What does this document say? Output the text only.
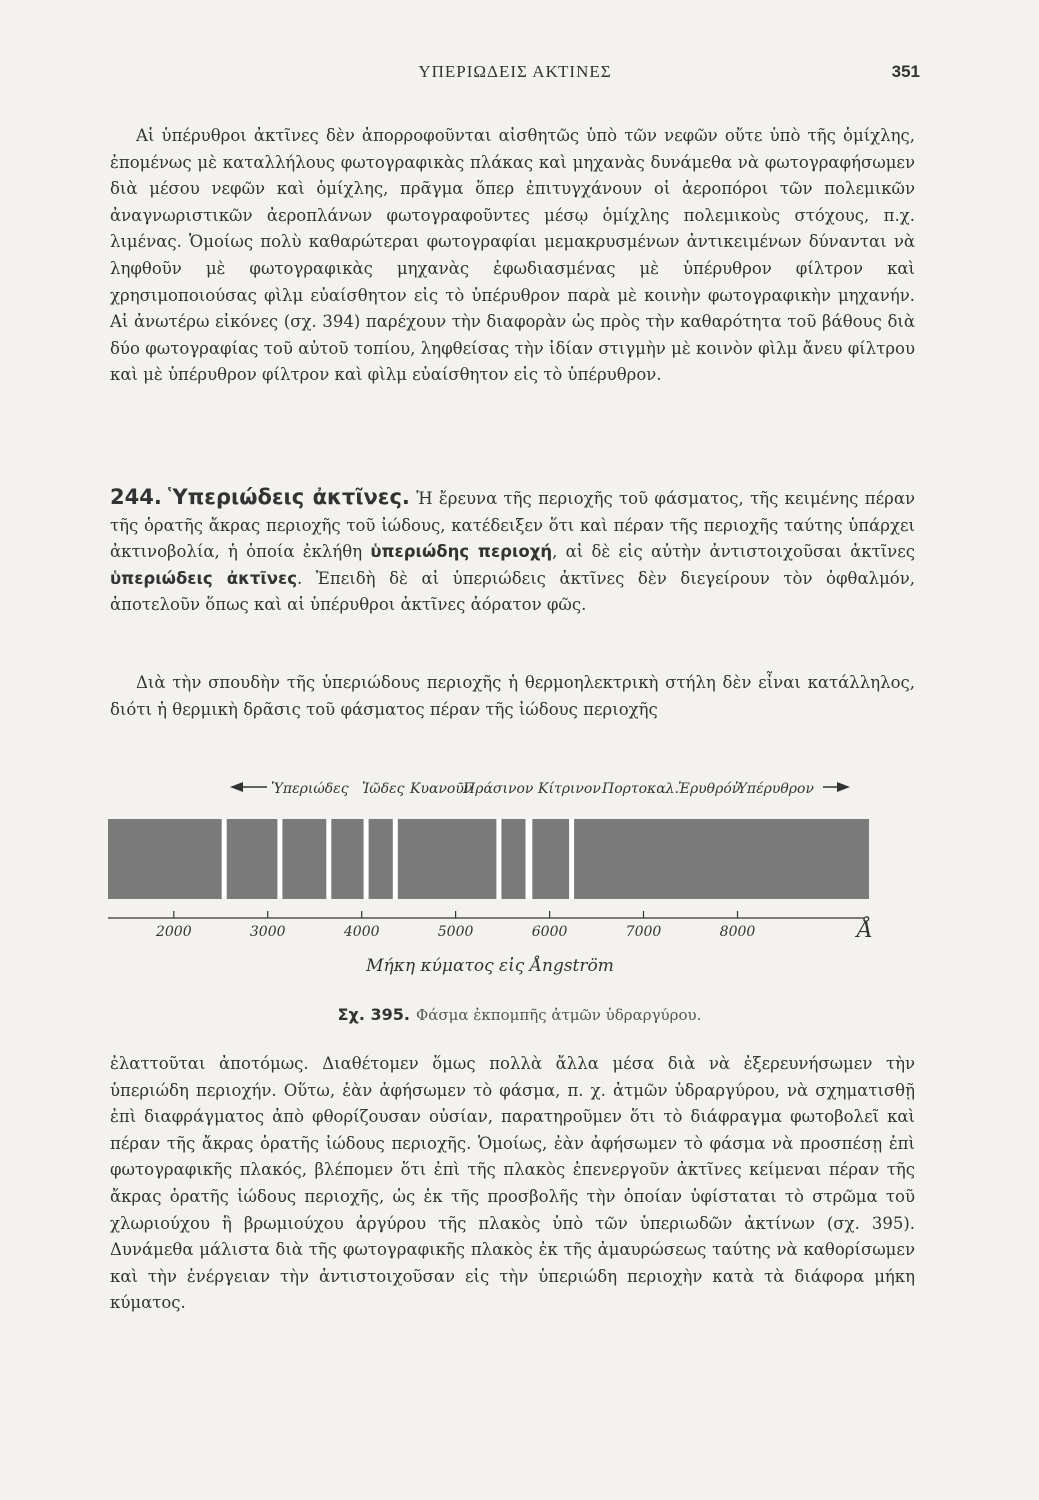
ΥΠΕΡΙΩΔΕΙΣ ΑΚΤΙΝΕΣ	351

Αἱ ὑπέρυθροι ἀκτῖνες δὲν ἀπορροφοῦνται αἰσθητῶς ὑπὸ τῶν νεφῶν οὔτε ὑπὸ τῆς ὁμίχλης, ἐπομένως μὲ καταλλήλους φωτογραφικὰς πλάκας καὶ μηχανὰς δυνάμεθα νὰ φωτογραφήσωμεν διὰ μέσου νεφῶν καὶ ὁμίχλης, πρᾶγμα ὅπερ ἐπιτυγχάνουν οἱ ἀεροπόροι τῶν πολεμικῶν ἀναγνωριστικῶν ἀεροπλάνων φωτογραφοῦντες μέσῳ ὁμίχλης πολεμικοὺς στόχους, π.χ. λιμένας. Ὁμοίως πολὺ καθαρώτεραι φωτογραφίαι μεμακρυσμένων ἀντικειμένων δύνανται νὰ ληφθοῦν μὲ φωτογραφικὰς μηχανὰς ἐφωδιασμένας μὲ ὑπέρυθρον φίλτρον καὶ χρησιμοποιούσας φὶλμ εὐαίσθητον εἰς τὸ ὑπέρυθρον παρὰ μὲ κοινὴν φωτογραφικὴν μηχανήν. Αἱ ἀνωτέρω εἰκόνες (σχ. 394) παρέχουν τὴν διαφορὰν ὡς πρὸς τὴν καθαρότητα τοῦ βάθους διὰ δύο φωτογραφίας τοῦ αὐτοῦ τοπίου, ληφθείσας τὴν ἰδίαν στιγμὴν μὲ κοινὸν φὶλμ ἄνευ φίλτρου καὶ μὲ ὑπέρυθρον φίλτρον καὶ φὶλμ εὐαίσθητον εἰς τὸ ὑπέρυθρον.

244. Ὑπεριώδεις ἀκτῖνες. Ἡ ἔρευνα τῆς περιοχῆς τοῦ φάσματος, τῆς κειμένης πέραν τῆς ὁρατῆς ἄκρας περιοχῆς τοῦ ἰώδους, κατέδειξεν ὅτι καὶ πέραν τῆς περιοχῆς ταύτης ὑπάρχει ἀκτινοβολία, ἡ ὁποία ἐκλήθη ὑπεριώδης περιοχή, αἱ δὲ εἰς αὐτὴν ἀντιστοιχοῦσαι ἀκτῖνες ὑπεριώδεις ἀκτῖνες. Ἐπειδὴ δὲ αἱ ὑπεριώδεις ἀκτῖνες δὲν διεγείρουν τὸν ὀφθαλμόν, ἀποτελοῦν ὅπως καὶ αἱ ὑπέρυθροι ἀκτῖνες ἀόρατον φῶς.

Διὰ τὴν σπουδὴν τῆς ὑπεριώδους περιοχῆς ἡ θερμοηλεκτρικὴ στήλη δὲν εἶναι κατάλληλος, διότι ἡ θερμικὴ δρᾶσις τοῦ φάσματος πέραν τῆς ἰώδους περιοχῆς

Ὑπεριώδες Ἰῶδες Κυανοῦν
Πράσινον Κίτρινον Πορτοκαλ. Ἐρυθρόν
Ὑπέρυθρον
2000	3000	4000	5000	6000	7000	8000	Å
Μήκη κύματος εἰς Ångström
Σχ. 395. Φάσμα ἐκπομπῆς ἀτμῶν ὑδραργύρου.

ἐλαττοῦται ἀποτόμως. Διαθέτομεν ὅμως πολλὰ ἄλλα μέσα διὰ νὰ ἐξερευνήσωμεν τὴν ὑπεριώδη περιοχήν. Οὕτω, ἐὰν ἀφήσωμεν τὸ φάσμα, π. χ. ἀτμῶν ὑδραργύρου, νὰ σχηματισθῇ ἐπὶ διαφράγματος ἀπὸ φθορίζουσαν οὐσίαν, παρατηροῦμεν ὅτι τὸ διάφραγμα φωτοβολεῖ καὶ πέραν τῆς ἄκρας ὁρατῆς ἰώδους περιοχῆς. Ὁμοίως, ἐὰν ἀφήσωμεν τὸ φάσμα νὰ προσπέσῃ ἐπὶ φωτογραφικῆς πλακός, βλέπομεν ὅτι ἐπὶ τῆς πλακὸς ἐπενεργοῦν ἀκτῖνες κείμεναι πέραν τῆς ἄκρας ὁρατῆς ἰώδους περιοχῆς, ὡς ἐκ τῆς προσβολῆς τὴν ὁποίαν ὑφίσταται τὸ στρῶμα τοῦ χλωριούχου ἢ βρωμιούχου ἀργύρου τῆς πλακὸς ὑπὸ τῶν ὑπεριωδῶν ἀκτίνων (σχ. 395). Δυνάμεθα μάλιστα διὰ τῆς φωτογραφικῆς πλακὸς ἐκ τῆς ἀμαυρώσεως ταύτης νὰ καθορίσωμεν καὶ τὴν ἐνέργειαν τὴν ἀντιστοιχοῦσαν εἰς τὴν ὑπεριώδη περιοχὴν κατὰ τὰ διάφορα μήκη κύματος.
